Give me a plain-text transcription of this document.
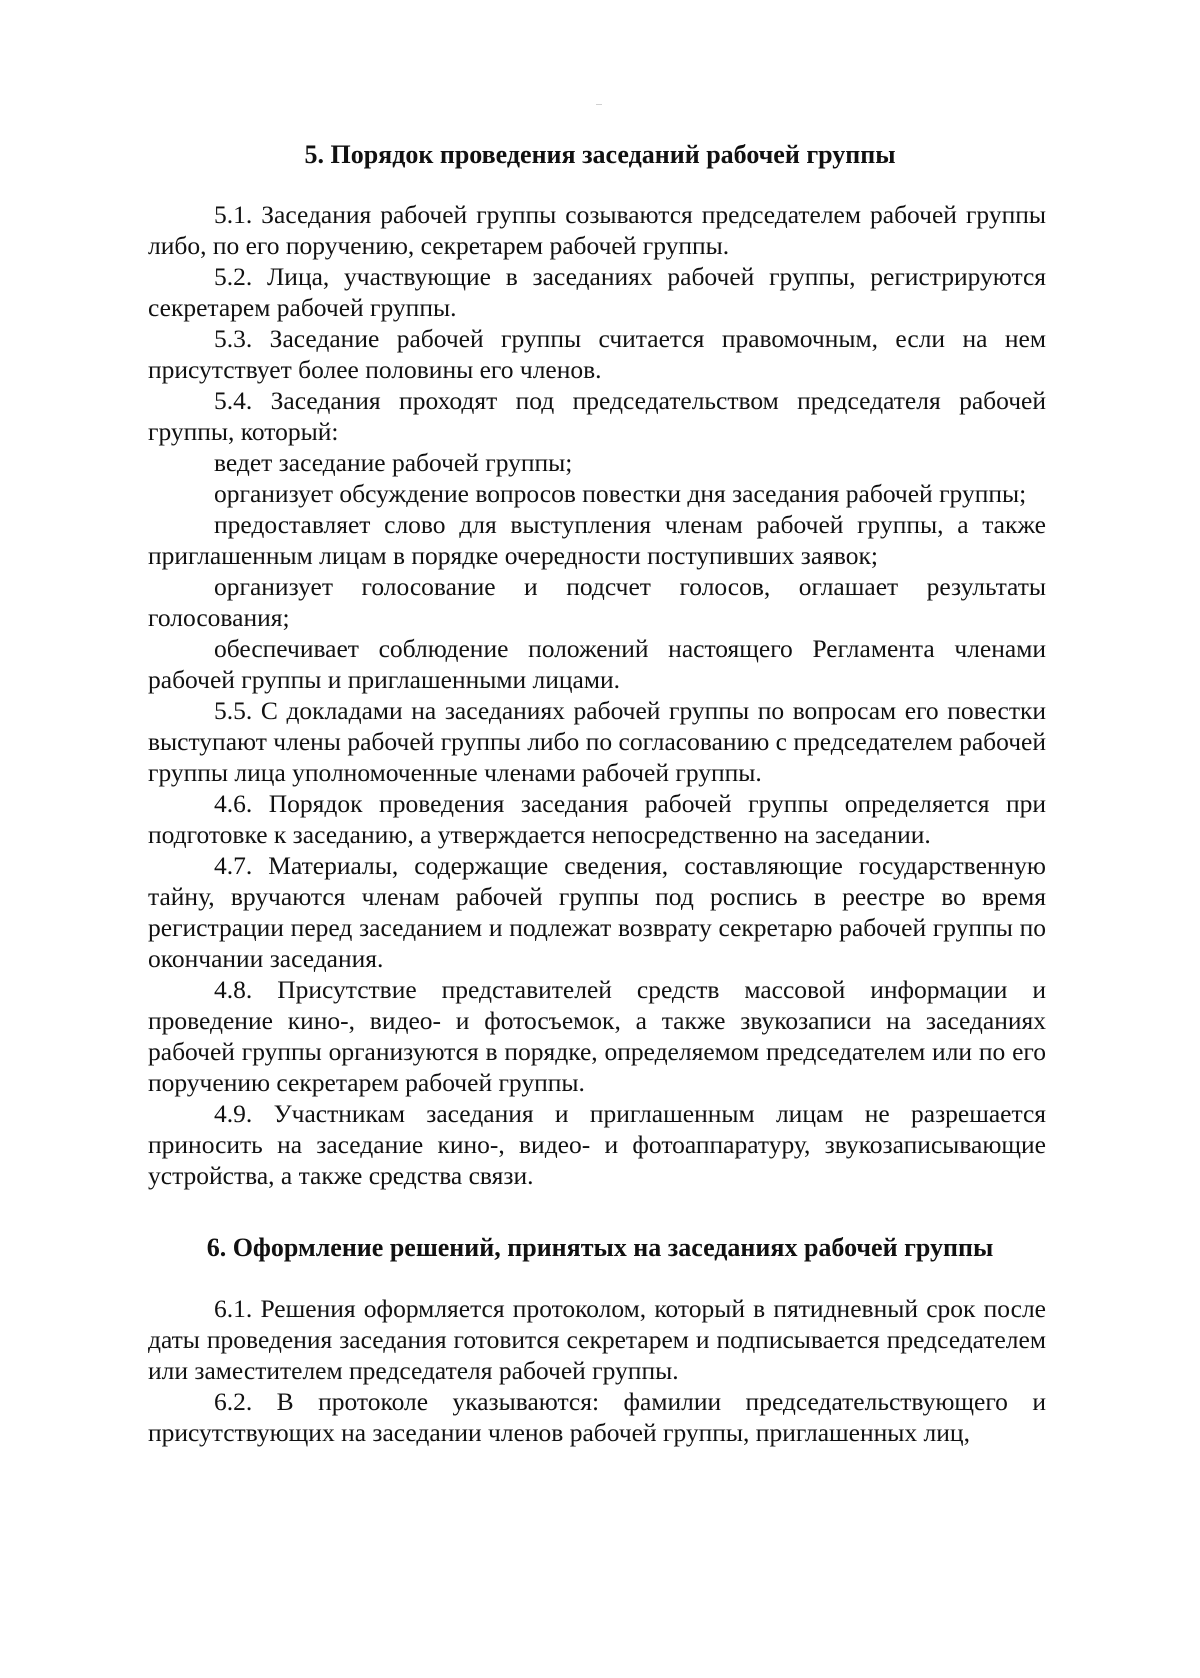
5. Порядок проведения заседаний рабочей группы

5.1. Заседания рабочей группы созываются председателем рабочей группы либо, по его поручению, секретарем рабочей группы.

5.2. Лица, участвующие в заседаниях рабочей группы, регистрируются секретарем рабочей группы.

5.3. Заседание рабочей группы считается правомочным, если на нем присутствует более половины его членов.

5.4. Заседания проходят под председательством председателя рабочей группы, который:

ведет заседание рабочей группы;

организует обсуждение вопросов повестки дня заседания рабочей группы;

предоставляет слово для выступления членам рабочей группы, а также приглашенным лицам в порядке очередности поступивших заявок;

организует голосование и подсчет голосов, оглашает результаты голосования;

обеспечивает соблюдение положений настоящего Регламента членами рабочей группы и приглашенными лицами.

5.5. С докладами на заседаниях рабочей группы по вопросам его повестки выступают члены рабочей группы либо по согласованию с председателем рабочей группы лица уполномоченные членами рабочей группы.

4.6. Порядок проведения заседания рабочей группы определяется при подготовке к заседанию, а утверждается непосредственно на заседании.

4.7. Материалы, содержащие сведения, составляющие государственную тайну, вручаются членам рабочей группы под роспись в реестре во время регистрации перед заседанием и подлежат возврату секретарю рабочей группы по окончании заседания.

4.8. Присутствие представителей средств массовой информации и проведение кино-, видео- и фотосъемок, а также звукозаписи на заседаниях рабочей группы организуются в порядке, определяемом председателем или по его поручению секретарем рабочей группы.

4.9. Участникам заседания и приглашенным лицам не разрешается приносить на заседание кино-, видео- и фотоаппаратуру, звукозаписывающие устройства, а также средства связи.

6. Оформление решений, принятых на заседаниях рабочей группы

6.1. Решения оформляется протоколом, который в пятидневный срок после даты проведения заседания готовится секретарем и подписывается председателем или заместителем председателя рабочей группы.

6.2. В протоколе указываются: фамилии председательствующего и присутствующих на заседании членов рабочей группы, приглашенных лиц,
